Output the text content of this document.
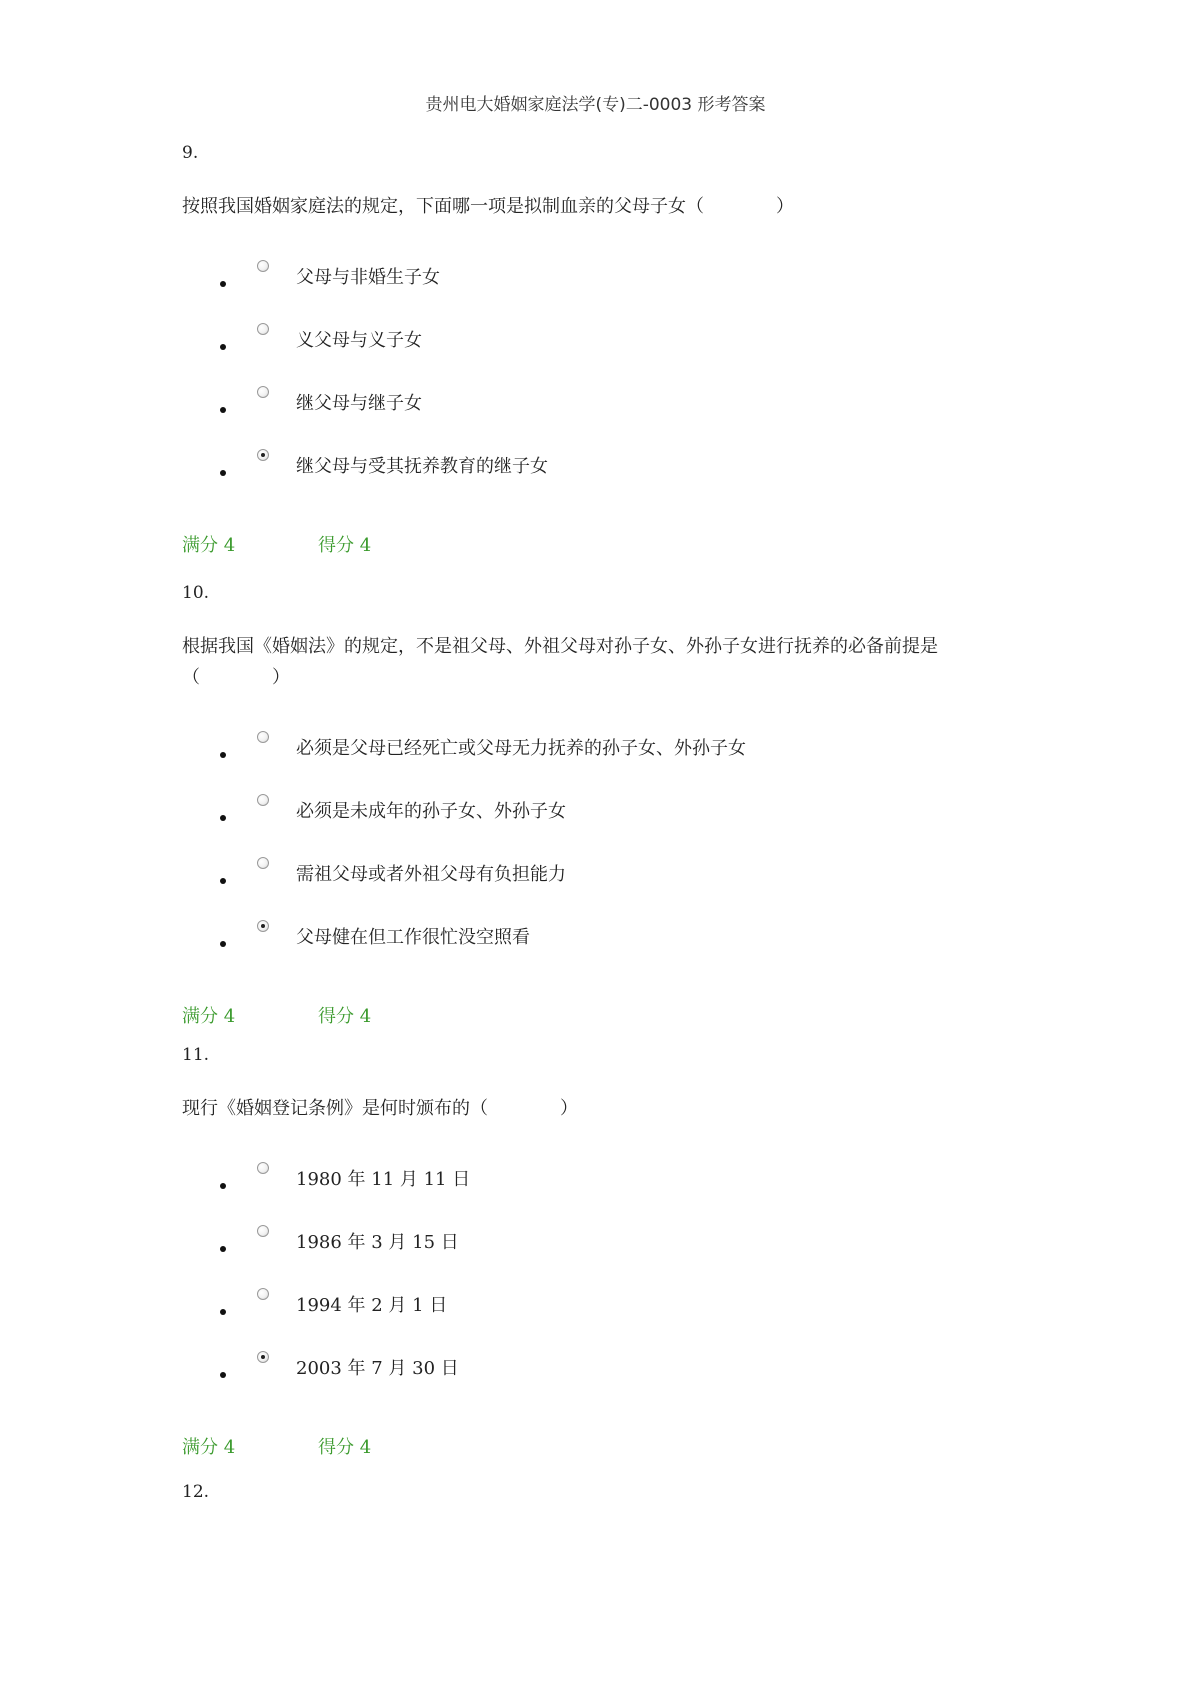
贵州电大婚姻家庭法学(专)二-0003 形考答案

9.

按照我国婚姻家庭法的规定，下面哪一项是拟制血亲的父母子女（　　　　）

父母与非婚生子女
义父母与义子女
继父母与继子女
继父母与受其抚养教育的继子女
满分 4	得分 4

10.

根据我国《婚姻法》的规定，不是祖父母、外祖父母对孙子女、外孙子女进行抚养的必备前提是（　　　　）

必须是父母已经死亡或父母无力抚养的孙子女、外孙子女
必须是未成年的孙子女、外孙子女
需祖父母或者外祖父母有负担能力
父母健在但工作很忙没空照看
满分 4	得分 4

11.

现行《婚姻登记条例》是何时颁布的（　　　　）

1980 年 11 月 11 日
1986 年 3 月 15 日
1994 年 2 月 1 日
2003 年 7 月 30 日
满分 4	得分 4
12.
